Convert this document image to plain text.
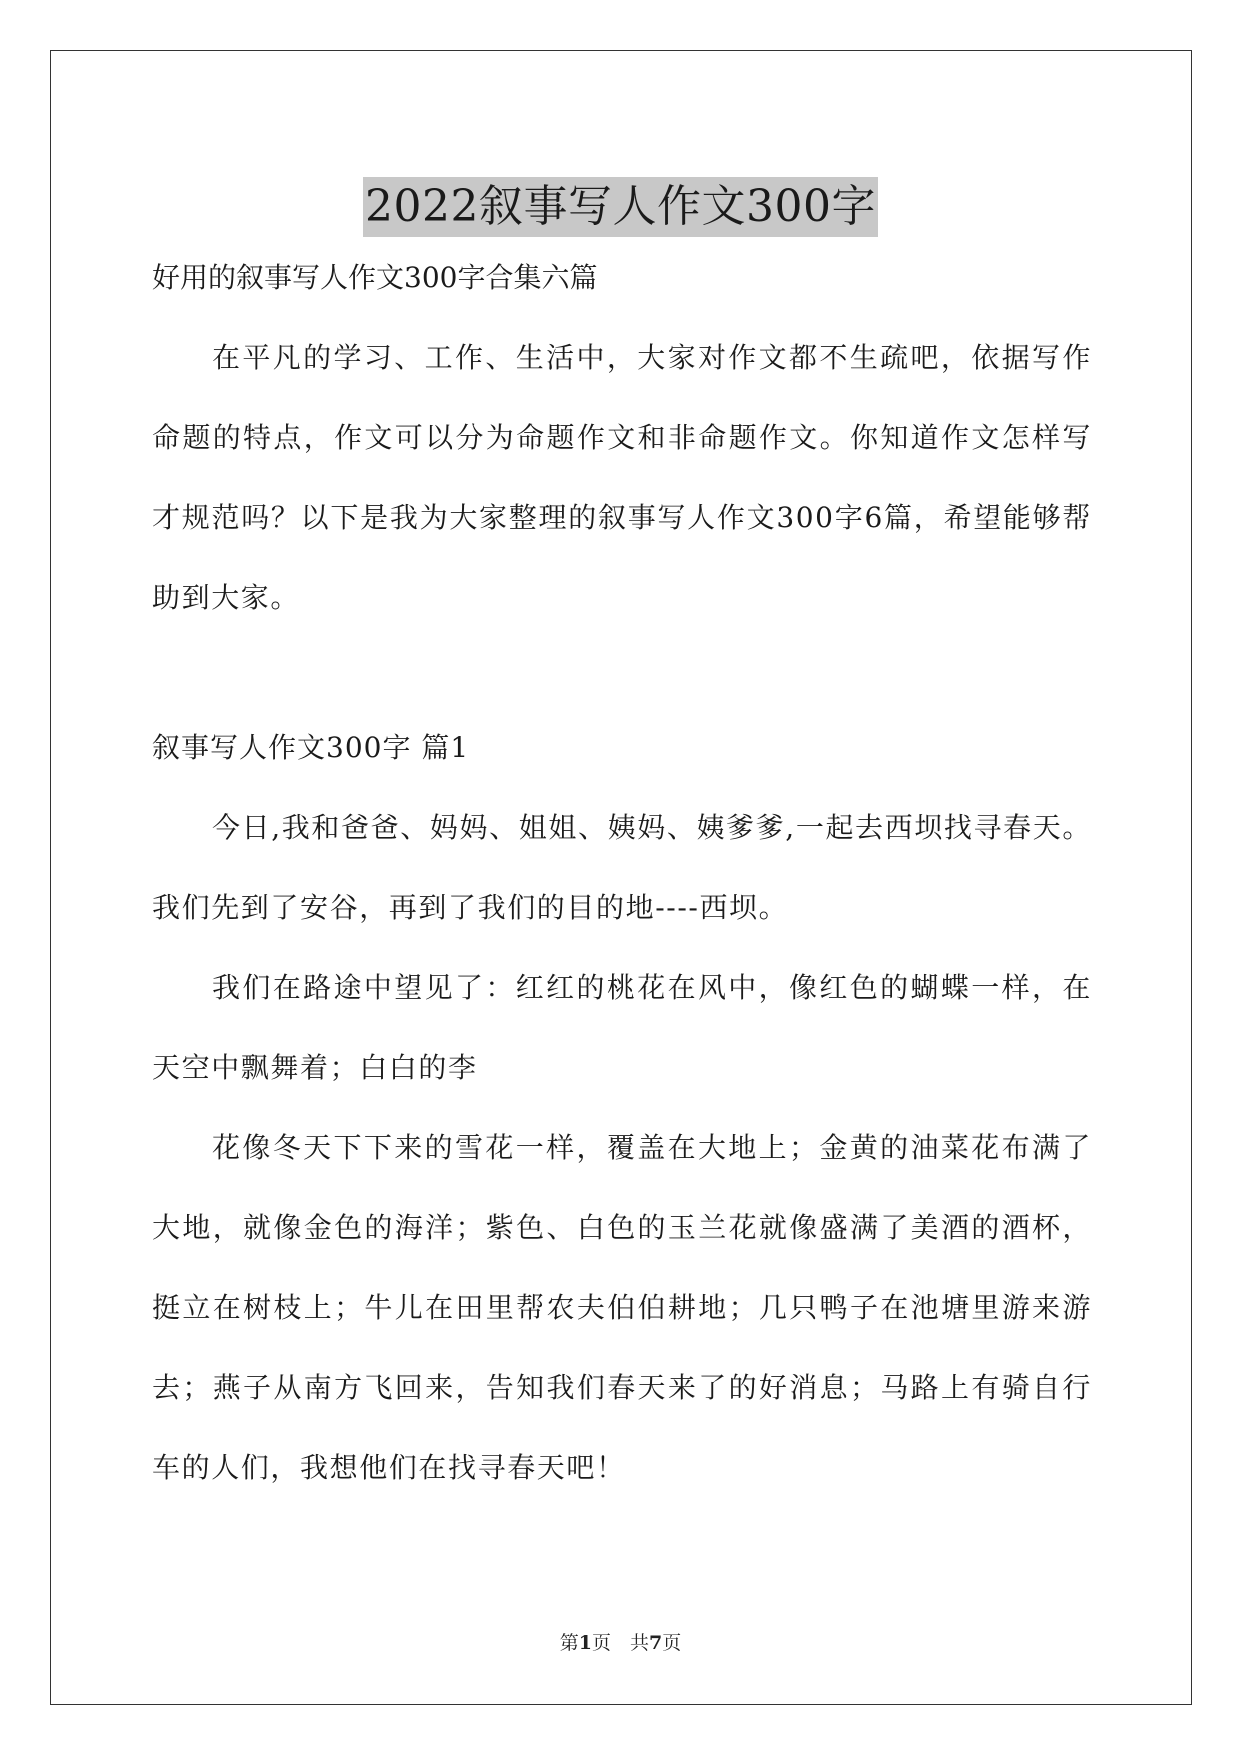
2022叙事写人作文300字

好用的叙事写人作文300字合集六篇

在平凡的学习、工作、生活中，大家对作文都不生疏吧，依据写作命题的特点，作文可以分为命题作文和非命题作文。你知道作文怎样写才规范吗？以下是我为大家整理的叙事写人作文300字6篇，希望能够帮助到大家。

叙事写人作文300字 篇1

今日,我和爸爸、妈妈、姐姐、姨妈、姨爹爹,一起去西坝找寻春天。我们先到了安谷，再到了我们的目的地----西坝。

我们在路途中望见了：红红的桃花在风中，像红色的蝴蝶一样，在天空中飘舞着；白白的李

花像冬天下下来的雪花一样，覆盖在大地上；金黄的油菜花布满了大地，就像金色的海洋；紫色、白色的玉兰花就像盛满了美酒的酒杯，挺立在树枝上；牛儿在田里帮农夫伯伯耕地；几只鸭子在池塘里游来游去；燕子从南方飞回来，告知我们春天来了的好消息；马路上有骑自行车的人们，我想他们在找寻春天吧！

第1页　共7页
